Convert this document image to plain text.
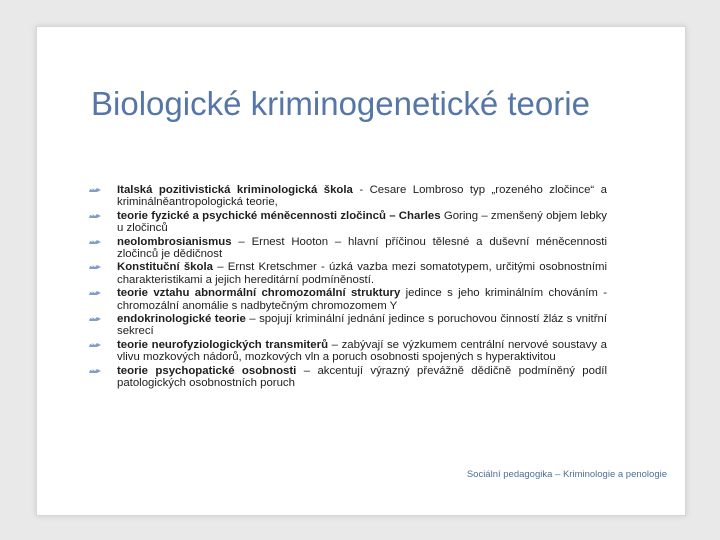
Biologické kriminogenetické teorie
Italská pozitivistická kriminologická škola - Cesare Lombroso typ „rozeného zločince“ a kriminálněantropologická teorie,
teorie fyzické a psychické méněcennosti zločinců – Charles Goring – zmenšený objem lebky u zločinců
neolombrosianismus – Ernest Hooton – hlavní příčinou tělesné a duševní méněcennosti zločinců je dědičnost
Konstituční škola – Ernst Kretschmer - úzká vazba mezi somatotypem, určitými osobnostními charakteristikami a jejich hereditární podmíněností.
teorie vztahu abnormální chromozomální struktury jedince s jeho kriminálním chováním - chromozální anomálie s nadbytečným chromozomem Y
endokrinologické teorie – spojují kriminální jednání jedince s poruchovou činností žláz s vnitřní sekrecí
teorie neurofyziologických transmiterů – zabývají se výzkumem centrální nervové soustavy a vlivu mozkových nádorů, mozkových vln a poruch osobnosti spojených s hyperaktivitou
teorie psychopatické osobnosti – akcentují výrazný převážně dědičně podmíněný podíl patologických osobnostních poruch
Sociální pedagogika – Kriminologie a penologie
